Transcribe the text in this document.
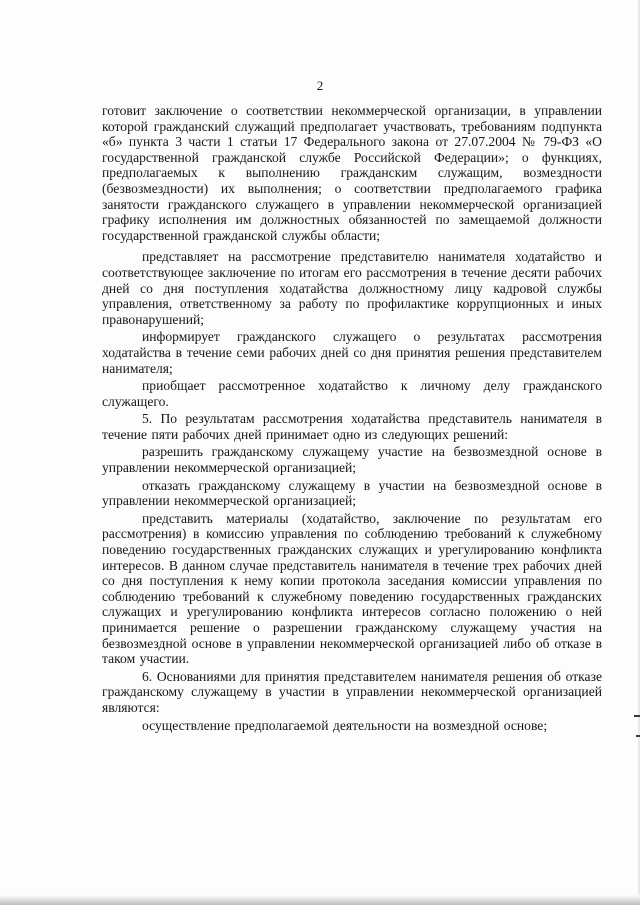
2

готовит заключение о соответствии некоммерческой организации, в управлении которой гражданский служащий предполагает участвовать, требованиям подпункта «б» пункта 3 части 1 статьи 17 Федерального закона от 27.07.2004 № 79-ФЗ «О государственной гражданской службе Российской Федерации»; о функциях, предполагаемых к выполнению гражданским служащим, возмездности (безвозмездности) их выполнения; о соответствии предполагаемого графика занятости гражданского служащего в управлении некоммерческой организацией графику исполнения им должностных обязанностей по замещаемой должности государственной гражданской службы области;

представляет на рассмотрение представителю нанимателя ходатайство и соответствующее заключение по итогам его рассмотрения в течение десяти рабочих дней со дня поступления ходатайства должностному лицу кадровой службы управления, ответственному за работу по профилактике коррупционных и иных правонарушений;

информирует гражданского служащего о результатах рассмотрения ходатайства в течение семи рабочих дней со дня принятия решения представителем нанимателя;

приобщает рассмотренное ходатайство к личному делу гражданского служащего.

5. По результатам рассмотрения ходатайства представитель нанимателя в течение пяти рабочих дней принимает одно из следующих решений:

разрешить гражданскому служащему участие на безвозмездной основе в управлении некоммерческой организацией;

отказать гражданскому служащему в участии на безвозмездной основе в управлении некоммерческой организацией;

представить материалы (ходатайство, заключение по результатам его рассмотрения) в комиссию управления по соблюдению требований к служебному поведению государственных гражданских служащих и урегулированию конфликта интересов. В данном случае представитель нанимателя в течение трех рабочих дней со дня поступления к нему копии протокола заседания комиссии управления по соблюдению требований к служебному поведению государственных гражданских служащих и урегулированию конфликта интересов согласно положению о ней принимается решение о разрешении гражданскому служащему участия на безвозмездной основе в управлении некоммерческой организацией либо об отказе в таком участии.

6. Основаниями для принятия представителем нанимателя решения об отказе гражданскому служащему в участии в управлении некоммерческой организацией являются:

осуществление предполагаемой деятельности на возмездной основе;
